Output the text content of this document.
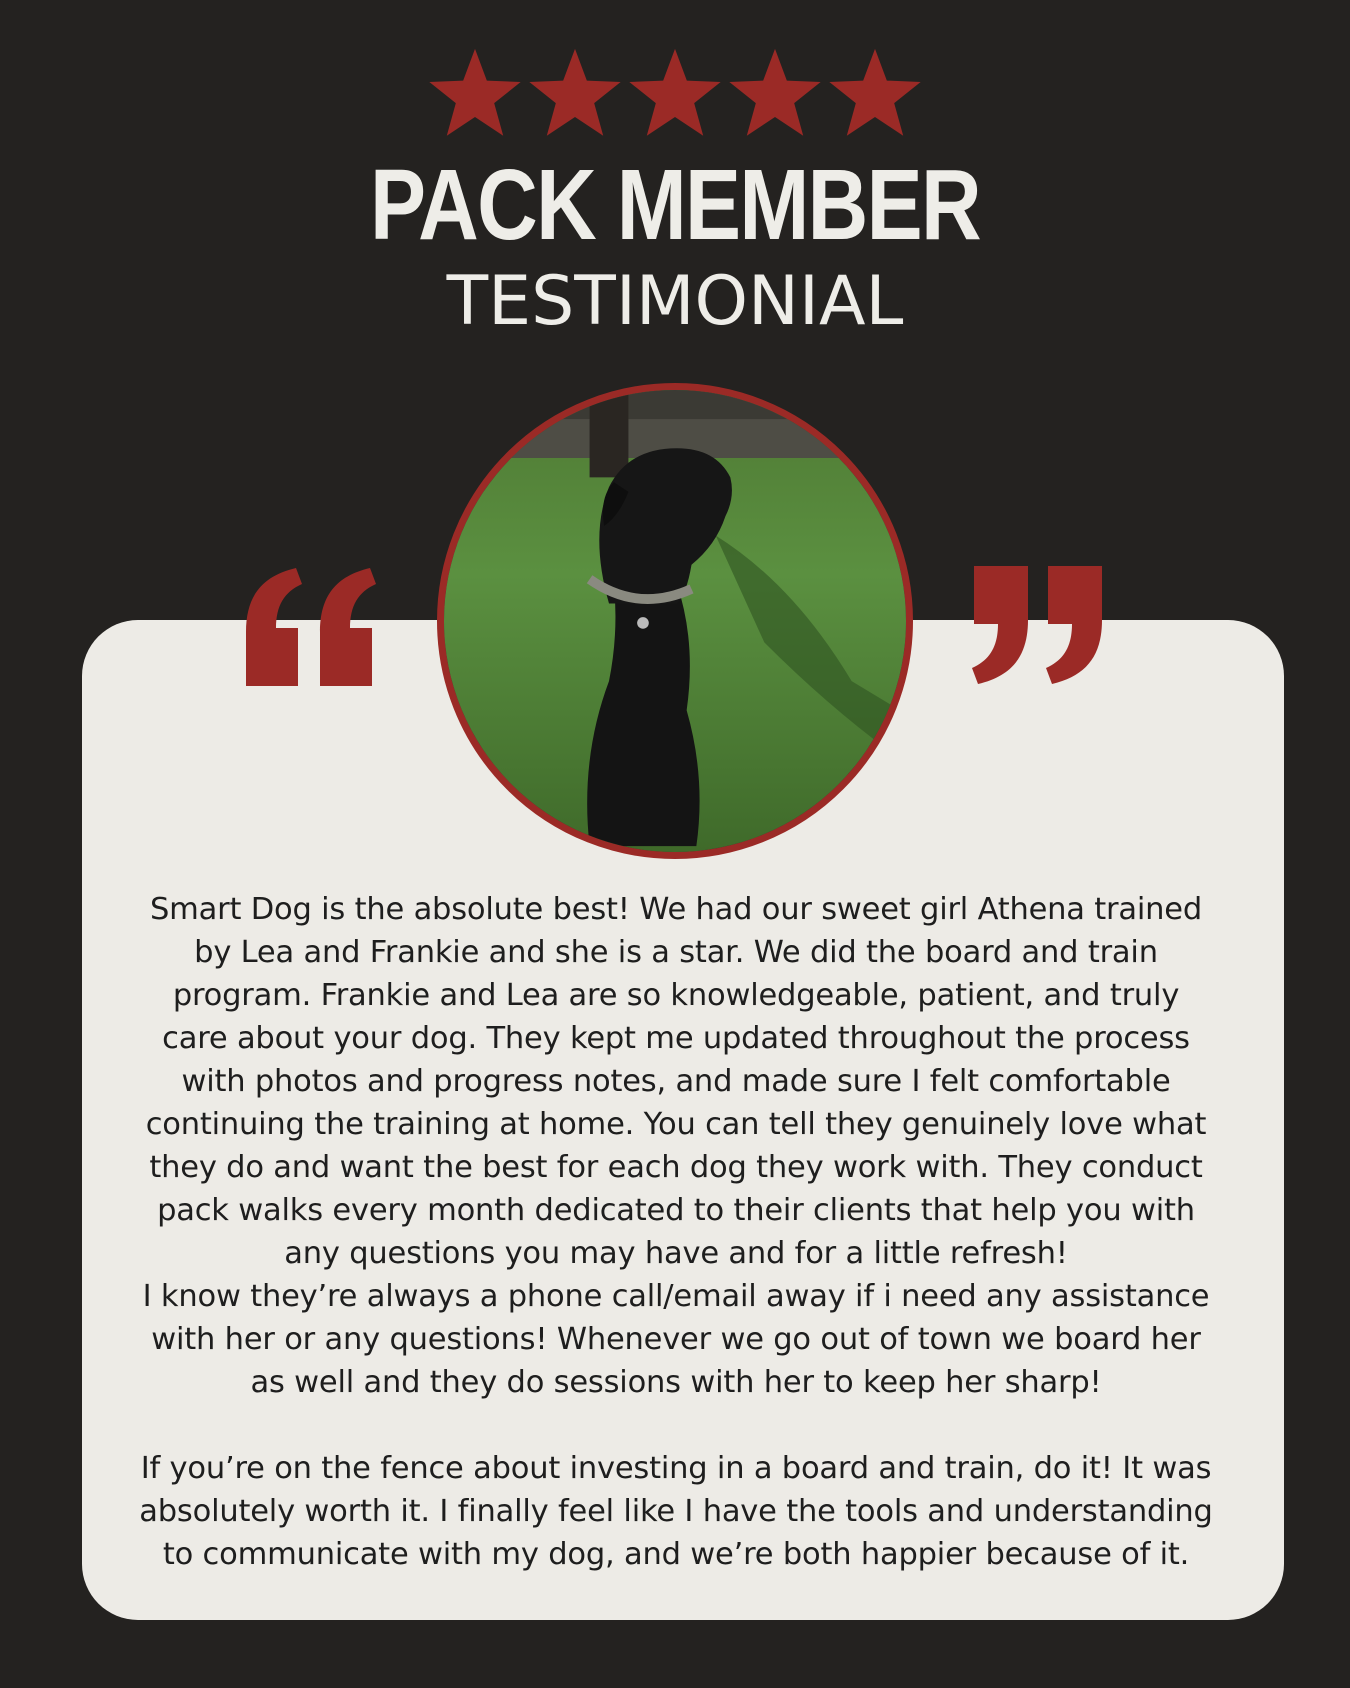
PACK MEMBER
TESTIMONIAL

Smart Dog is the absolute best! We had our sweet girl Athena trained

by Lea and Frankie and she is a star. We did the board and train

program. Frankie and Lea are so knowledgeable, patient, and truly

care about your dog. They kept me updated throughout the process

with photos and progress notes, and made sure I felt comfortable

continuing the training at home. You can tell they genuinely love what

they do and want the best for each dog they work with. They conduct

pack walks every month dedicated to their clients that help you with

any questions you may have and for a little refresh!

I know they’re always a phone call/email away if i need any assistance

with her or any questions! Whenever we go out of town we board her

as well and they do sessions with her to keep her sharp!

If you’re on the fence about investing in a board and train, do it! It was

absolutely worth it. I finally feel like I have the tools and understanding

to communicate with my dog, and we’re both happier because of it.
